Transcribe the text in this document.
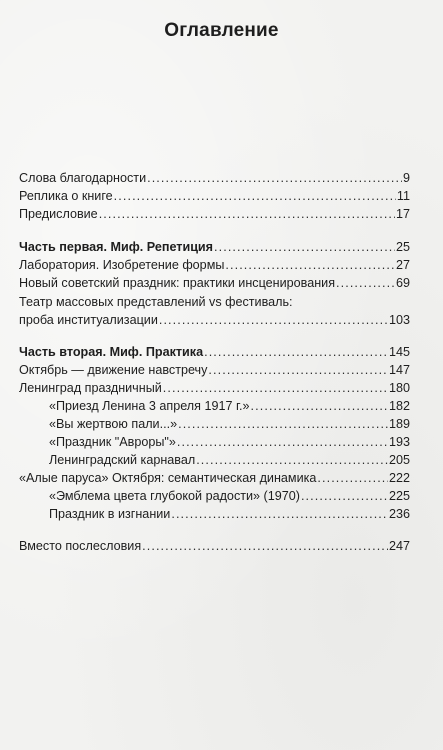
Оглавление
Слова благодарности .....	9
Реплика о книге .....	11
Предисловие .....	17
Часть первая. Миф. Репетиция .....	25
Лаборатория. Изобретение формы .....	27
Новый советский праздник: практики инсценирования .....	69
Театр массовых представлений vs фестиваль:
проба институализации .....	103
Часть вторая. Миф. Практика .....	145
Октябрь — движение навстречу .....	147
Ленинград праздничный .....	180
«Приезд Ленина 3 апреля 1917 г.» .....	182
«Вы жертвою пали...» .....	189
«Праздник "Авроры"» .....	193
Ленинградский карнавал .....	205
«Алые паруса» Октября: семантическая динамика .....	222
«Эмблема цвета глубокой радости» (1970) .....	225
Праздник в изгнании .....	236
Вместо послесловия .....	247
